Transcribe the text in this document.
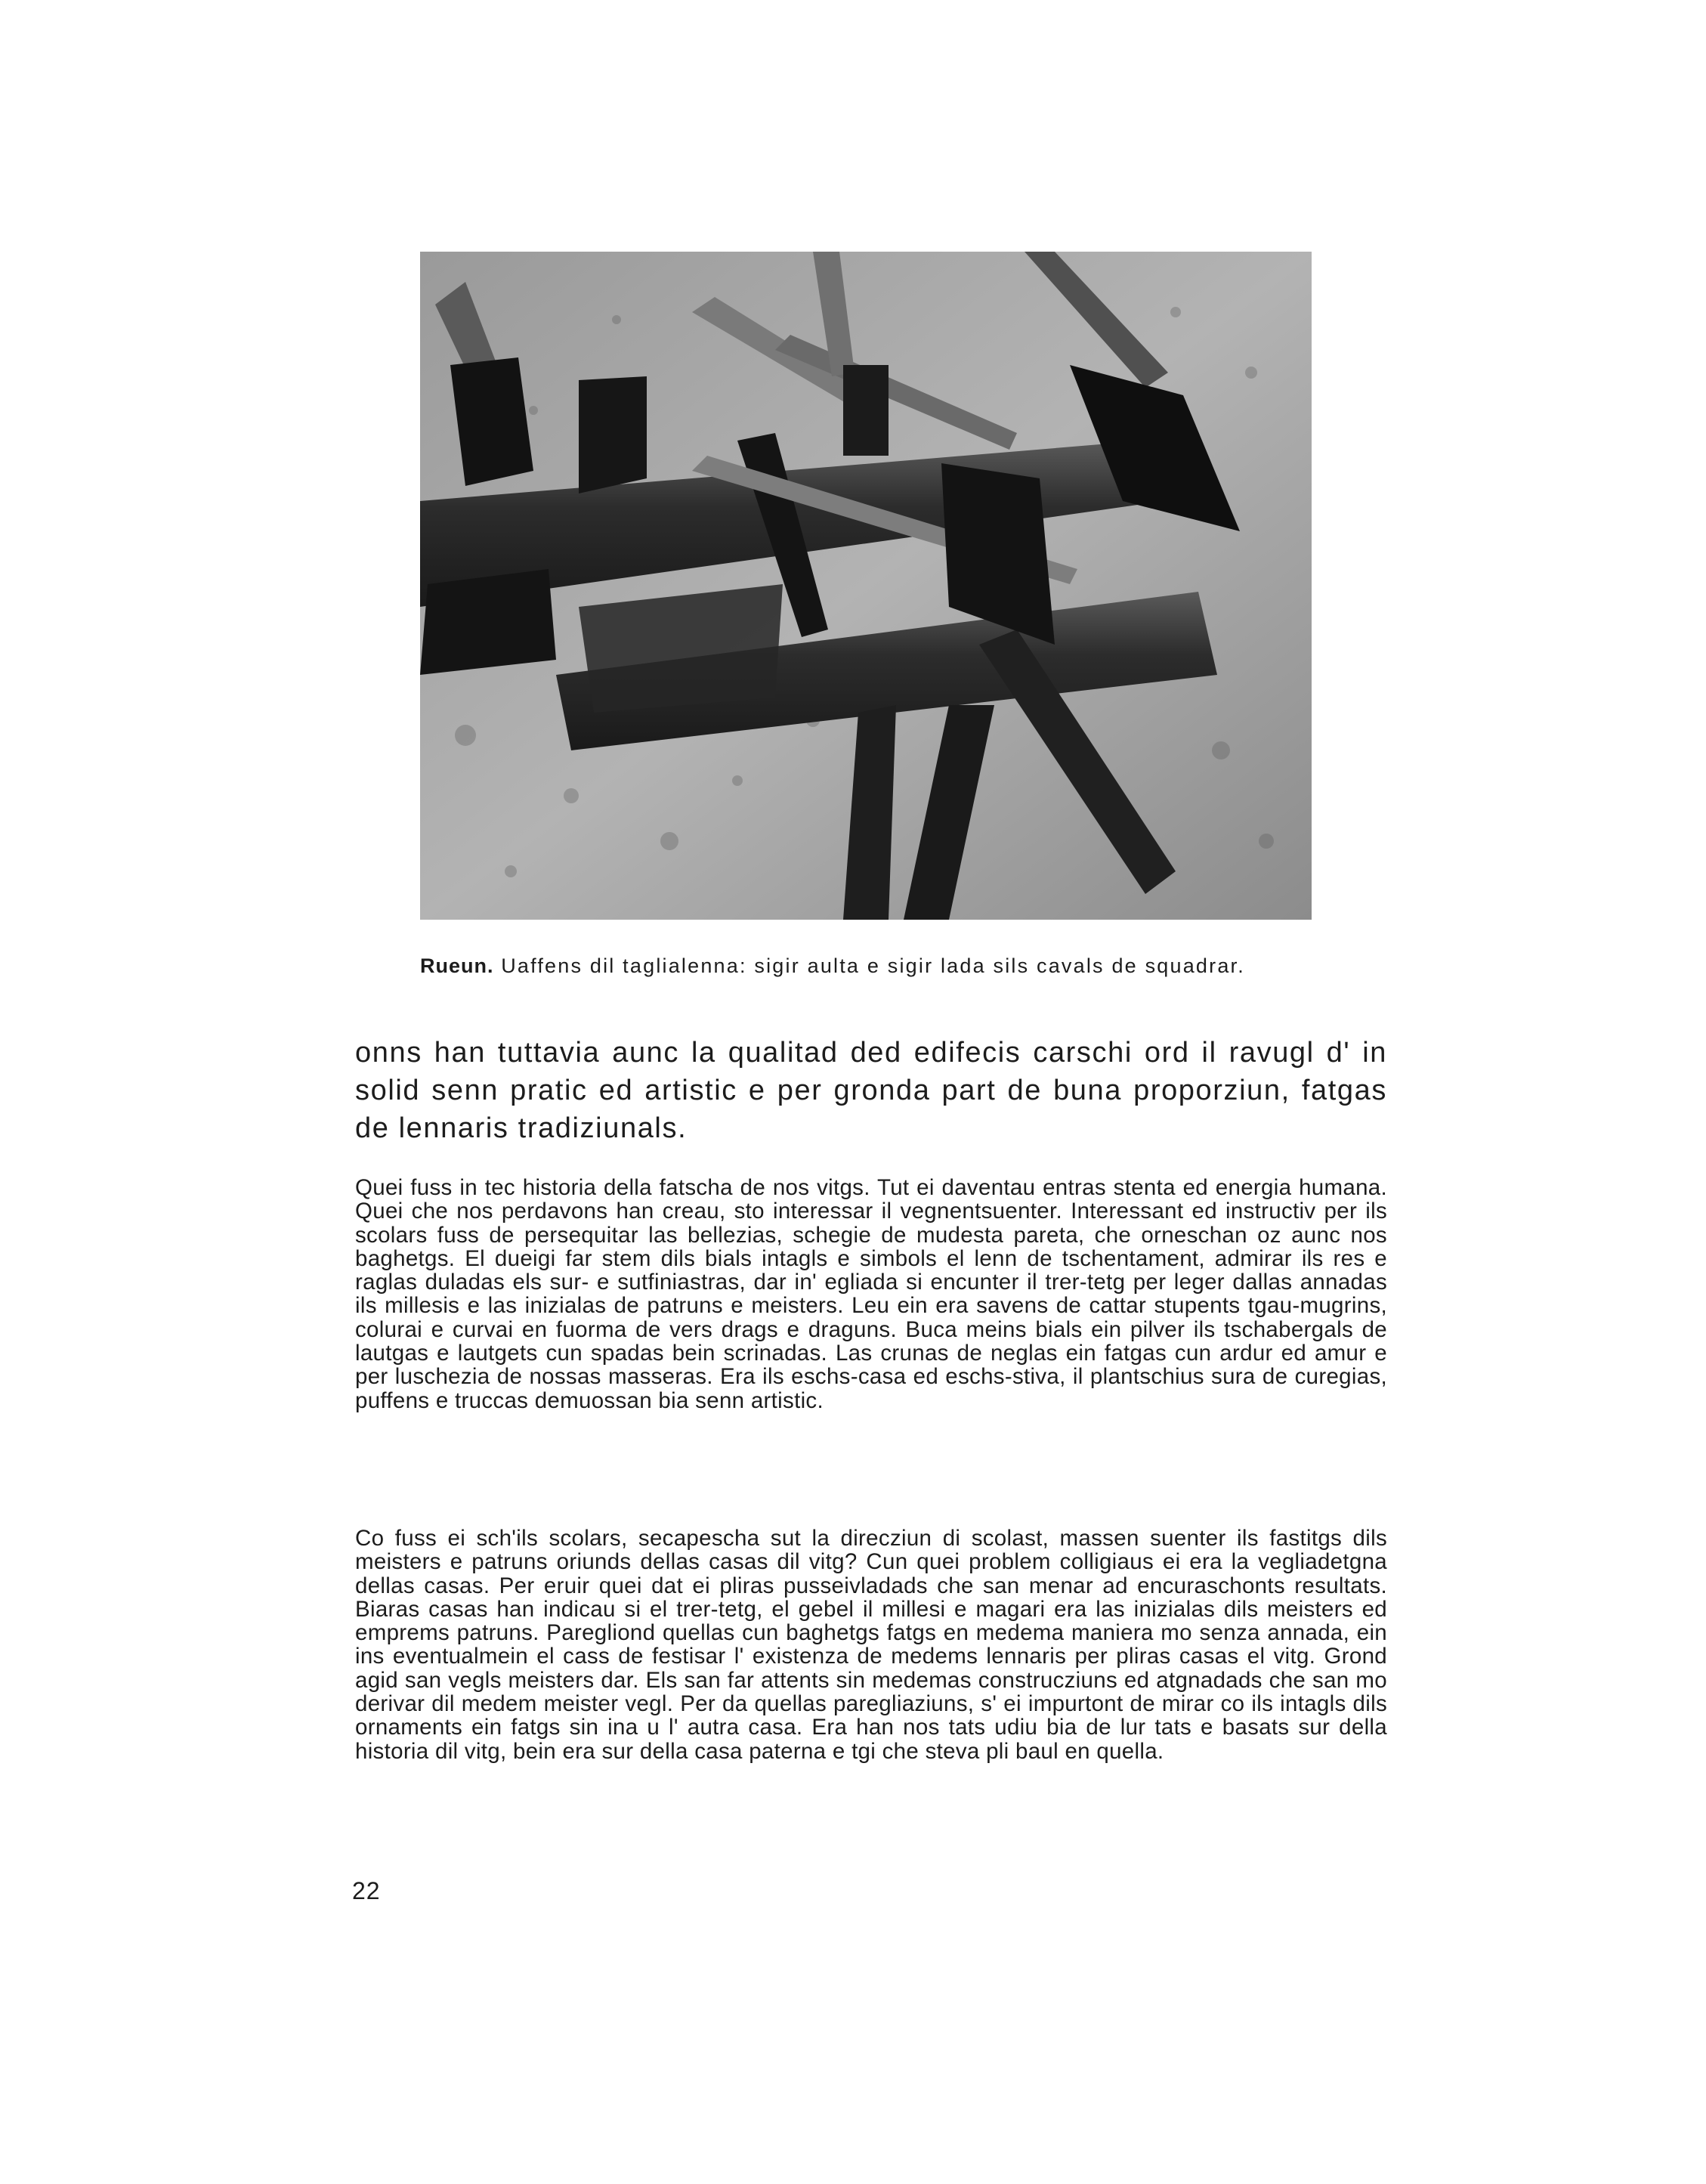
Rueun. Uaffens dil taglialenna: sigir aulta e sigir lada sils cavals de squadrar.

onns han tuttavia aunc la qualitad ded edifecis carschi ord il ravugl d' in solid senn pratic ed artistic e per gronda part de buna proporziun, fatgas de lennaris tradiziunals.

Quei fuss in tec historia della fatscha de nos vitgs. Tut ei daventau entras stenta ed energia humana. Quei che nos perdavons han creau, sto interessar il vegnentsuenter. Interessant ed instructiv per ils scolars fuss de persequitar las bellezias, schegie de mudesta pareta, che orneschan oz aunc nos baghetgs. El dueigi far stem dils bials intagls e simbols el lenn de tschentament, admirar ils res e raglas duladas els sur- e sutfiniastras, dar in' egliada si encunter il trer-tetg per leger dallas annadas ils millesis e las inizialas de patruns e meisters. Leu ein era savens de cattar stupents tgau-mugrins, colurai e curvai en fuorma de vers drags e draguns. Buca meins bials ein pilver ils tschabergals de lautgas e lautgets cun spadas bein scrinadas. Las crunas de neglas ein fatgas cun ardur ed amur e per luschezia de nossas masseras. Era ils eschs-casa ed eschs-stiva, il plantschius sura de curegias, puffens e truccas demuossan bia senn artistic.

Co fuss ei sch'ils scolars, secapescha sut la direcziun di scolast, massen suenter ils fastitgs dils meisters e patruns oriunds dellas casas dil vitg? Cun quei problem colligiaus ei era la vegliadetgna dellas casas. Per eruir quei dat ei pliras pusseivladads che san menar ad encuraschonts resultats. Biaras casas han indicau si el trer-tetg, el gebel il millesi e magari era las inizialas dils meisters ed emprems patruns. Paregliond quellas cun baghetgs fatgs en medema maniera mo senza annada, ein ins eventualmein el cass de festisar l' existenza de medems lennaris per pliras casas el vitg. Grond agid san vegls meisters dar. Els san far attents sin medemas construcziuns ed atgnadads che san mo derivar dil medem meister vegl. Per da quellas paregliaziuns, s' ei impurtont de mirar co ils intagls dils ornaments ein fatgs sin ina u l' autra casa. Era han nos tats udiu bia de lur tats e basats sur della historia dil vitg, bein era sur della casa paterna e tgi che steva pli baul en quella.

22
